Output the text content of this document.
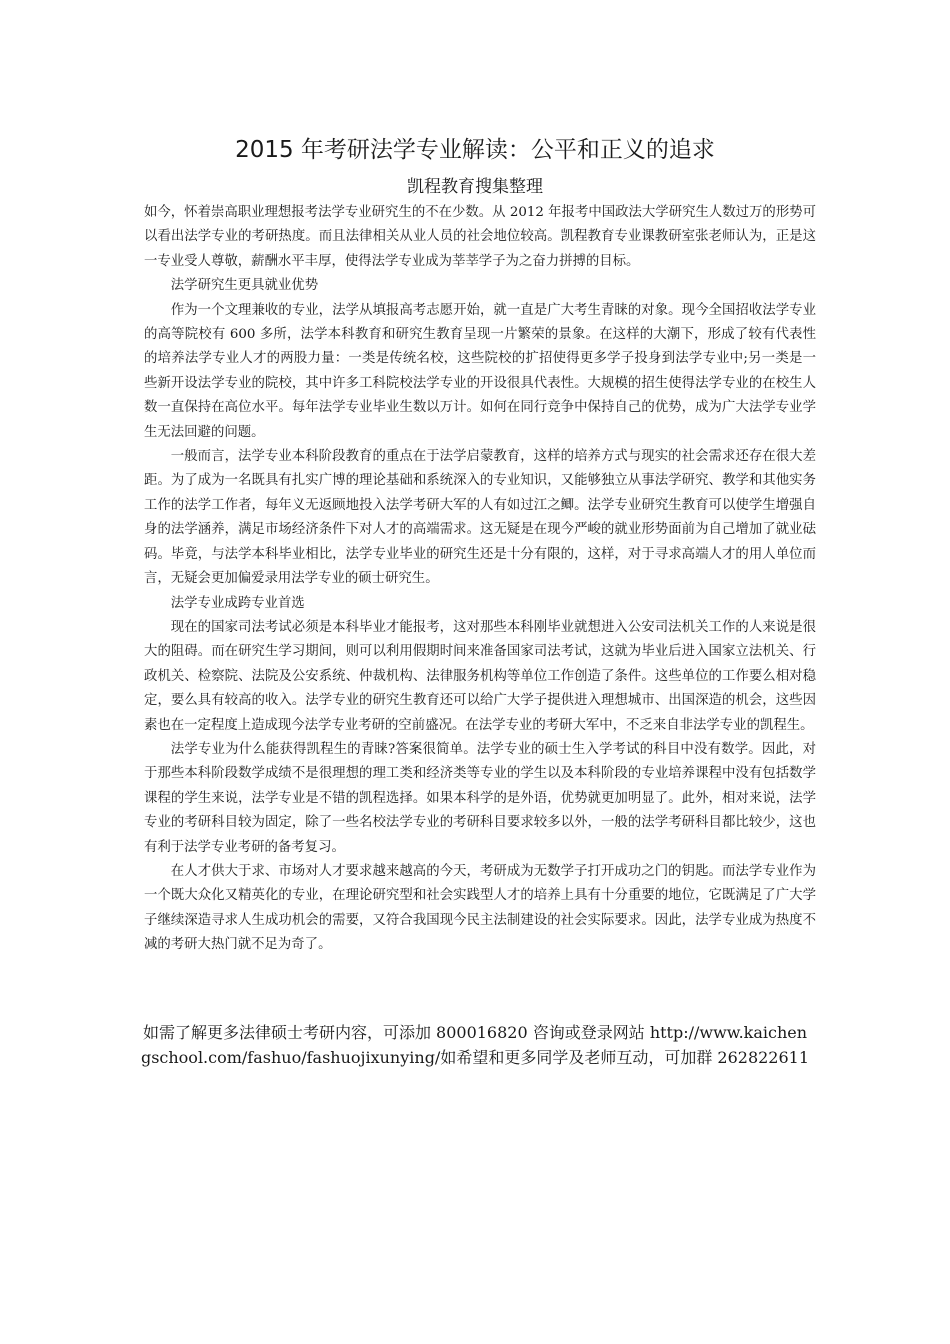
2015 年考研法学专业解读：公平和正义的追求
凯程教育搜集整理

如今，怀着崇高职业理想报考法学专业研究生的不在少数。从 2012 年报考中国政法大学研究生人数过万的形势可以看出法学专业的考研热度。而且法律相关从业人员的社会地位较高。凯程教育专业课教研室张老师认为，正是这一专业受人尊敬，薪酬水平丰厚，使得法学专业成为莘莘学子为之奋力拼搏的目标。

法学研究生更具就业优势

作为一个文理兼收的专业，法学从填报高考志愿开始，就一直是广大考生青睐的对象。现今全国招收法学专业的高等院校有 600 多所，法学本科教育和研究生教育呈现一片繁荣的景象。在这样的大潮下，形成了较有代表性的培养法学专业人才的两股力量：一类是传统名校，这些院校的扩招使得更多学子投身到法学专业中;另一类是一些新开设法学专业的院校，其中许多工科院校法学专业的开设很具代表性。大规模的招生使得法学专业的在校生人数一直保持在高位水平。每年法学专业毕业生数以万计。如何在同行竞争中保持自己的优势，成为广大法学专业学生无法回避的问题。

一般而言，法学专业本科阶段教育的重点在于法学启蒙教育，这样的培养方式与现实的社会需求还存在很大差距。为了成为一名既具有扎实广博的理论基础和系统深入的专业知识，又能够独立从事法学研究、教学和其他实务工作的法学工作者，每年义无返顾地投入法学考研大军的人有如过江之鲫。法学专业研究生教育可以使学生增强自身的法学涵养，满足市场经济条件下对人才的高端需求。这无疑是在现今严峻的就业形势面前为自己增加了就业砝码。毕竟，与法学本科毕业相比，法学专业毕业的研究生还是十分有限的，这样，对于寻求高端人才的用人单位而言，无疑会更加偏爱录用法学专业的硕士研究生。

法学专业成跨专业首选

现在的国家司法考试必须是本科毕业才能报考，这对那些本科刚毕业就想进入公安司法机关工作的人来说是很大的阻碍。而在研究生学习期间，则可以利用假期时间来准备国家司法考试，这就为毕业后进入国家立法机关、行政机关、检察院、法院及公安系统、仲裁机构、法律服务机构等单位工作创造了条件。这些单位的工作要么相对稳定，要么具有较高的收入。法学专业的研究生教育还可以给广大学子提供进入理想城市、出国深造的机会，这些因素也在一定程度上造成现今法学专业考研的空前盛况。在法学专业的考研大军中，不乏来自非法学专业的凯程生。

法学专业为什么能获得凯程生的青睐?答案很简单。法学专业的硕士生入学考试的科目中没有数学。因此，对于那些本科阶段数学成绩不是很理想的理工类和经济类等专业的学生以及本科阶段的专业培养课程中没有包括数学课程的学生来说，法学专业是不错的凯程选择。如果本科学的是外语，优势就更加明显了。此外，相对来说，法学专业的考研科目较为固定，除了一些名校法学专业的考研科目要求较多以外，一般的法学考研科目都比较少，这也有利于法学专业考研的备考复习。

在人才供大于求、市场对人才要求越来越高的今天，考研成为无数学子打开成功之门的钥匙。而法学专业作为一个既大众化又精英化的专业，在理论研究型和社会实践型人才的培养上具有十分重要的地位，它既满足了广大学子继续深造寻求人生成功机会的需要，又符合我国现今民主法制建设的社会实际要求。因此，法学专业成为热度不减的考研大热门就不足为奇了。

如需了解更多法律硕士考研内容，可添加 800016820 咨询或登录网站 http://www.kaichengschool.com/fashuo/fashuojixunying/如希望和更多同学及老师互动，可加群 262822611
